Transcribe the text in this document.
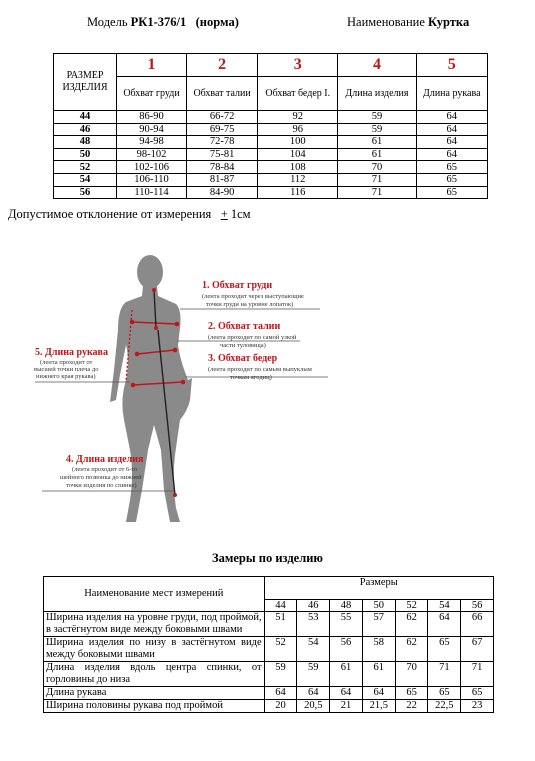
Модель РК1-376/1 (норма)	Наименование Куртка
РАЗМЕР ИЗДЕЛИЯ	1	2	3	4	5
	Обхват груди	Обхват талии	Обхват бедер I.	Длина изделия	Длина рукава
44	86-90	66-72	92	59	64
46	90-94	69-75	96	59	64
48	94-98	72-78	100	61	64
50	98-102	75-81	104	61	64
52	102-106	78-84	108	70	65
54	106-110	81-87	112	71	65
56	110-114	84-90	116	71	65
Допустимое отклонение от измерения + 1см
1. Обхват груди
(лента проходит через выступающие
точки груди на уровне лопаток)
2. Обхват талии
(лента проходит по самой узкой
части туловища)
3. Обхват бедер
(лента проходит по самым выпуклым
точкам ягодиц)
5. Длина рукава
(лента проходит от
высшей точки плеча до
нижнего края рукава)
4. Длина изделия
(лента проходит от 6-го
шейного позвонка до нижней
точки изделия по спинке)
Замеры по изделию
Наименование мест измерений	Размеры						
	44	46	48	50	52	54	56
Ширина изделия на уровне груди, под проймой, в застёгнутом виде между боковыми швами	51	53	55	57	62	64	66
Ширина изделия по низу в застёгнутом виде между боковыми швами	52	54	56	58	62	65	67
Длина изделия вдоль центра спинки, от горловины до низа	59	59	61	61	70	71	71
Длина рукава	64	64	64	64	65	65	65
Ширина половины рукава под проймой	20	20,5	21	21,5	22	22,5	23
